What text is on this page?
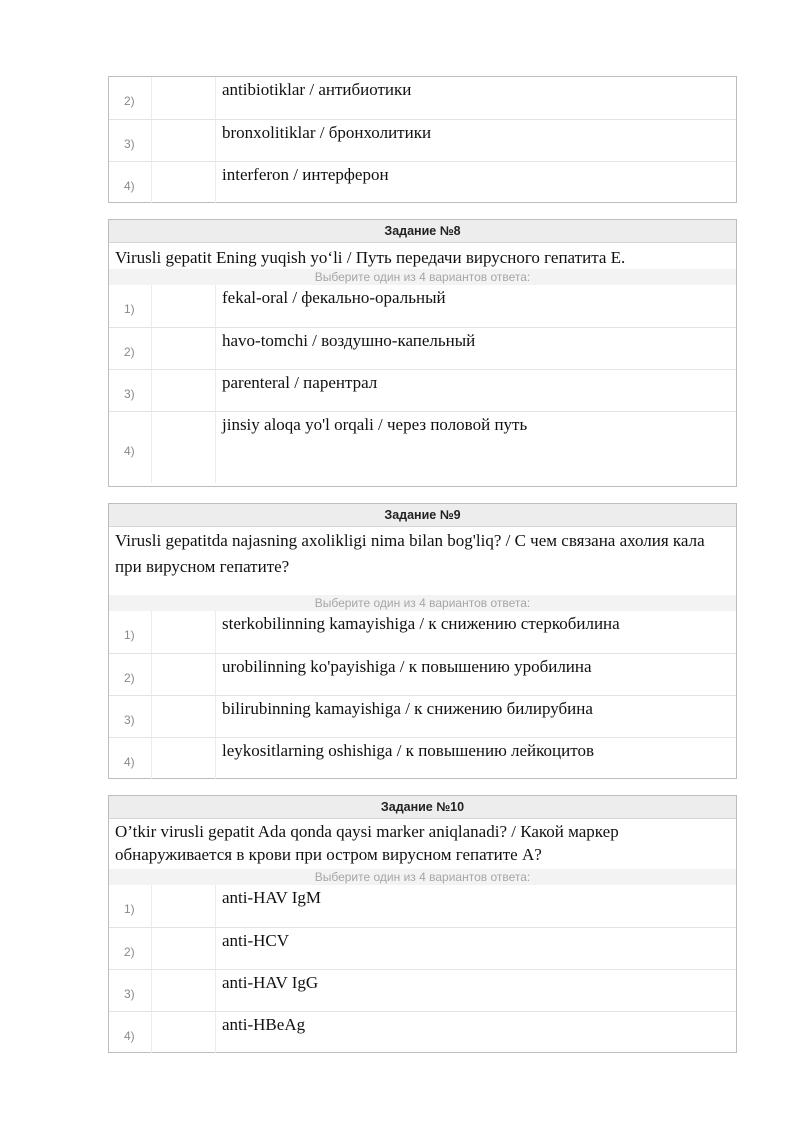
2)
antibiotiklar / антибиотики
3)
bronxolitiklar / бронхолитики
4)
interferon / интерферон
Задание №8
Virusli gepatit Ening yuqish yo‘li / Путь передачи вирусного гепатита Е.
Выберите один из 4 вариантов ответа:
1)
fekal-oral / фекально-оральный
2)
havo-tomchi / воздушно-капельный
3)
parenteral / парентрал
4)
jinsiy aloqa yo'l orqali / через половой путь
Задание №9
Virusli gepatitda najasning axolikligi nima bilan bog'liq? / С чем связана ахолия кала при вирусном гепатите?
Выберите один из 4 вариантов ответа:
1)
sterkobilinning kamayishiga / к снижению стеркобилина
2)
urobilinning ko'payishiga / к повышению уробилина
3)
bilirubinning kamayishiga / к снижению билирубина
4)
leykositlarning oshishiga / к повышению лейкоцитов
Задание №10
O’tkir virusli gepatit Ada qonda qaysi marker aniqlanadi? / Какой маркер обнаруживается в крови при остром вирусном гепатите А?
Выберите один из 4 вариантов ответа:
1)
anti-HAV IgM
2)
anti-HCV
3)
anti-HAV IgG
4)
anti-HBeAg
